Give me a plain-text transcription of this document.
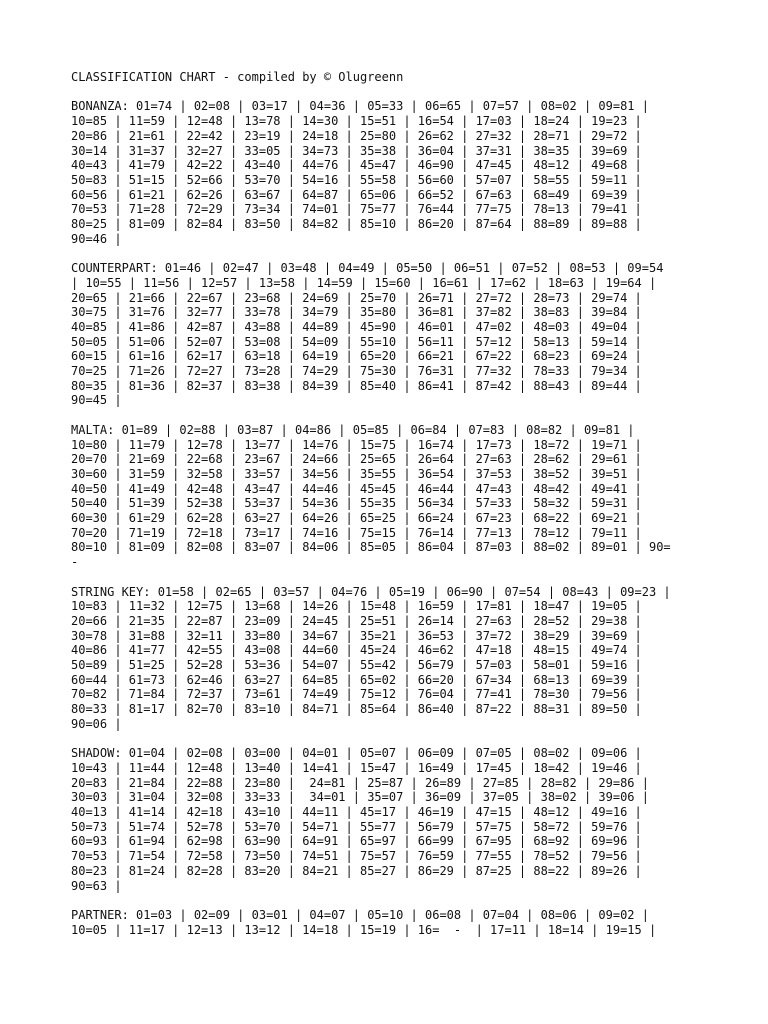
CLASSIFICATION CHART - compiled by © Olugreenn
BONANZA: 01=74 | 02=08 | 03=17 | 04=36 | 05=33 | 06=65 | 07=57 | 08=02 | 09=81 |
10=85 | 11=59 | 12=48 | 13=78 | 14=30 | 15=51 | 16=54 | 17=03 | 18=24 | 19=23 |
20=86 | 21=61 | 22=42 | 23=19 | 24=18 | 25=80 | 26=62 | 27=32 | 28=71 | 29=72 |
30=14 | 31=37 | 32=27 | 33=05 | 34=73 | 35=38 | 36=04 | 37=31 | 38=35 | 39=69 |
40=43 | 41=79 | 42=22 | 43=40 | 44=76 | 45=47 | 46=90 | 47=45 | 48=12 | 49=68 |
50=83 | 51=15 | 52=66 | 53=70 | 54=16 | 55=58 | 56=60 | 57=07 | 58=55 | 59=11 |
60=56 | 61=21 | 62=26 | 63=67 | 64=87 | 65=06 | 66=52 | 67=63 | 68=49 | 69=39 |
70=53 | 71=28 | 72=29 | 73=34 | 74=01 | 75=77 | 76=44 | 77=75 | 78=13 | 79=41 |
80=25 | 81=09 | 82=84 | 83=50 | 84=82 | 85=10 | 86=20 | 87=64 | 88=89 | 89=88 |
90=46 |
COUNTERPART: 01=46 | 02=47 | 03=48 | 04=49 | 05=50 | 06=51 | 07=52 | 08=53 | 09=54
| 10=55 | 11=56 | 12=57 | 13=58 | 14=59 | 15=60 | 16=61 | 17=62 | 18=63 | 19=64 |
20=65 | 21=66 | 22=67 | 23=68 | 24=69 | 25=70 | 26=71 | 27=72 | 28=73 | 29=74 |
30=75 | 31=76 | 32=77 | 33=78 | 34=79 | 35=80 | 36=81 | 37=82 | 38=83 | 39=84 |
40=85 | 41=86 | 42=87 | 43=88 | 44=89 | 45=90 | 46=01 | 47=02 | 48=03 | 49=04 |
50=05 | 51=06 | 52=07 | 53=08 | 54=09 | 55=10 | 56=11 | 57=12 | 58=13 | 59=14 |
60=15 | 61=16 | 62=17 | 63=18 | 64=19 | 65=20 | 66=21 | 67=22 | 68=23 | 69=24 |
70=25 | 71=26 | 72=27 | 73=28 | 74=29 | 75=30 | 76=31 | 77=32 | 78=33 | 79=34 |
80=35 | 81=36 | 82=37 | 83=38 | 84=39 | 85=40 | 86=41 | 87=42 | 88=43 | 89=44 |
90=45 |
MALTA: 01=89 | 02=88 | 03=87 | 04=86 | 05=85 | 06=84 | 07=83 | 08=82 | 09=81 |
10=80 | 11=79 | 12=78 | 13=77 | 14=76 | 15=75 | 16=74 | 17=73 | 18=72 | 19=71 |
20=70 | 21=69 | 22=68 | 23=67 | 24=66 | 25=65 | 26=64 | 27=63 | 28=62 | 29=61 |
30=60 | 31=59 | 32=58 | 33=57 | 34=56 | 35=55 | 36=54 | 37=53 | 38=52 | 39=51 |
40=50 | 41=49 | 42=48 | 43=47 | 44=46 | 45=45 | 46=44 | 47=43 | 48=42 | 49=41 |
50=40 | 51=39 | 52=38 | 53=37 | 54=36 | 55=35 | 56=34 | 57=33 | 58=32 | 59=31 |
60=30 | 61=29 | 62=28 | 63=27 | 64=26 | 65=25 | 66=24 | 67=23 | 68=22 | 69=21 |
70=20 | 71=19 | 72=18 | 73=17 | 74=16 | 75=15 | 76=14 | 77=13 | 78=12 | 79=11 |
80=10 | 81=09 | 82=08 | 83=07 | 84=06 | 85=05 | 86=04 | 87=03 | 88=02 | 89=01 | 90=
-
STRING KEY: 01=58 | 02=65 | 03=57 | 04=76 | 05=19 | 06=90 | 07=54 | 08=43 | 09=23 |
10=83 | 11=32 | 12=75 | 13=68 | 14=26 | 15=48 | 16=59 | 17=81 | 18=47 | 19=05 |
20=66 | 21=35 | 22=87 | 23=09 | 24=45 | 25=51 | 26=14 | 27=63 | 28=52 | 29=38 |
30=78 | 31=88 | 32=11 | 33=80 | 34=67 | 35=21 | 36=53 | 37=72 | 38=29 | 39=69 |
40=86 | 41=77 | 42=55 | 43=08 | 44=60 | 45=24 | 46=62 | 47=18 | 48=15 | 49=74 |
50=89 | 51=25 | 52=28 | 53=36 | 54=07 | 55=42 | 56=79 | 57=03 | 58=01 | 59=16 |
60=44 | 61=73 | 62=46 | 63=27 | 64=85 | 65=02 | 66=20 | 67=34 | 68=13 | 69=39 |
70=82 | 71=84 | 72=37 | 73=61 | 74=49 | 75=12 | 76=04 | 77=41 | 78=30 | 79=56 |
80=33 | 81=17 | 82=70 | 83=10 | 84=71 | 85=64 | 86=40 | 87=22 | 88=31 | 89=50 |
90=06 |
SHADOW: 01=04 | 02=08 | 03=00 | 04=01 | 05=07 | 06=09 | 07=05 | 08=02 | 09=06 |
10=43 | 11=44 | 12=48 | 13=40 | 14=41 | 15=47 | 16=49 | 17=45 | 18=42 | 19=46 |
20=83 | 21=84 | 22=88 | 23=80 |  24=81 | 25=87 | 26=89 | 27=85 | 28=82 | 29=86 |
30=03 | 31=04 | 32=08 | 33=33 |  34=01 | 35=07 | 36=09 | 37=05 | 38=02 | 39=06 |
40=13 | 41=14 | 42=18 | 43=10 | 44=11 | 45=17 | 46=19 | 47=15 | 48=12 | 49=16 |
50=73 | 51=74 | 52=78 | 53=70 | 54=71 | 55=77 | 56=79 | 57=75 | 58=72 | 59=76 |
60=93 | 61=94 | 62=98 | 63=90 | 64=91 | 65=97 | 66=99 | 67=95 | 68=92 | 69=96 |
70=53 | 71=54 | 72=58 | 73=50 | 74=51 | 75=57 | 76=59 | 77=55 | 78=52 | 79=56 |
80=23 | 81=24 | 82=28 | 83=20 | 84=21 | 85=27 | 86=29 | 87=25 | 88=22 | 89=26 |
90=63 |
PARTNER: 01=03 | 02=09 | 03=01 | 04=07 | 05=10 | 06=08 | 07=04 | 08=06 | 09=02 |
10=05 | 11=17 | 12=13 | 13=12 | 14=18 | 15=19 | 16=  -  | 17=11 | 18=14 | 19=15 |
